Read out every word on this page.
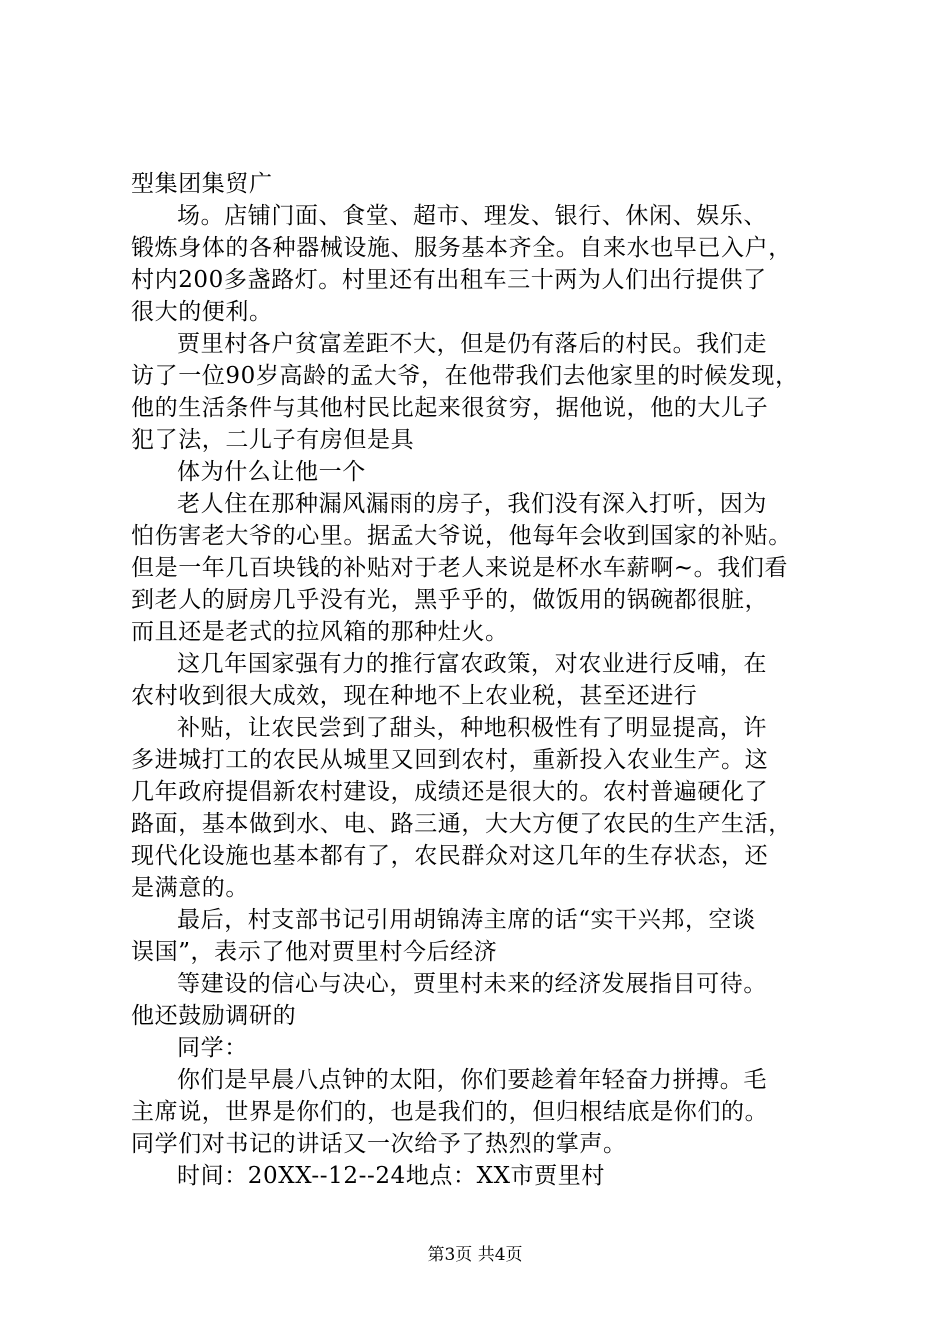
型集团集贸广
场。店铺门面、食堂、超市、理发、银行、休闲、娱乐、
锻炼身体的各种器械设施、服务基本齐全。自来水也早已入户，
村内200多盏路灯。村里还有出租车三十两为人们出行提供了
很大的便利。
贾里村各户贫富差距不大，但是仍有落后的村民。我们走
访了一位90岁高龄的孟大爷，在他带我们去他家里的时候发现，
他的生活条件与其他村民比起来很贫穷，据他说，他的大儿子
犯了法，二儿子有房但是具
体为什么让他一个
老人住在那种漏风漏雨的房子，我们没有深入打听，因为
怕伤害老大爷的心里。据孟大爷说，他每年会收到国家的补贴。
但是一年几百块钱的补贴对于老人来说是杯水车薪啊~。我们看
到老人的厨房几乎没有光，黑乎乎的，做饭用的锅碗都很脏，
而且还是老式的拉风箱的那种灶火。
这几年国家强有力的推行富农政策，对农业进行反哺，在
农村收到很大成效，现在种地不上农业税，甚至还进行
补贴，让农民尝到了甜头，种地积极性有了明显提高，许
多进城打工的农民从城里又回到农村，重新投入农业生产。这
几年政府提倡新农村建设，成绩还是很大的。农村普遍硬化了
路面，基本做到水、电、路三通，大大方便了农民的生产生活，
现代化设施也基本都有了，农民群众对这几年的生存状态，还
是满意的。
最后，村支部书记引用胡锦涛主席的话“实干兴邦，空谈
误国”，表示了他对贾里村今后经济
等建设的信心与决心，贾里村未来的经济发展指目可待。
他还鼓励调研的
同学：
你们是早晨八点钟的太阳，你们要趁着年轻奋力拼搏。毛
主席说，世界是你们的，也是我们的，但归根结底是你们的。
同学们对书记的讲话又一次给予了热烈的掌声。
时间：20XX--12--24地点：XX市贾里村
第3页 共4页
